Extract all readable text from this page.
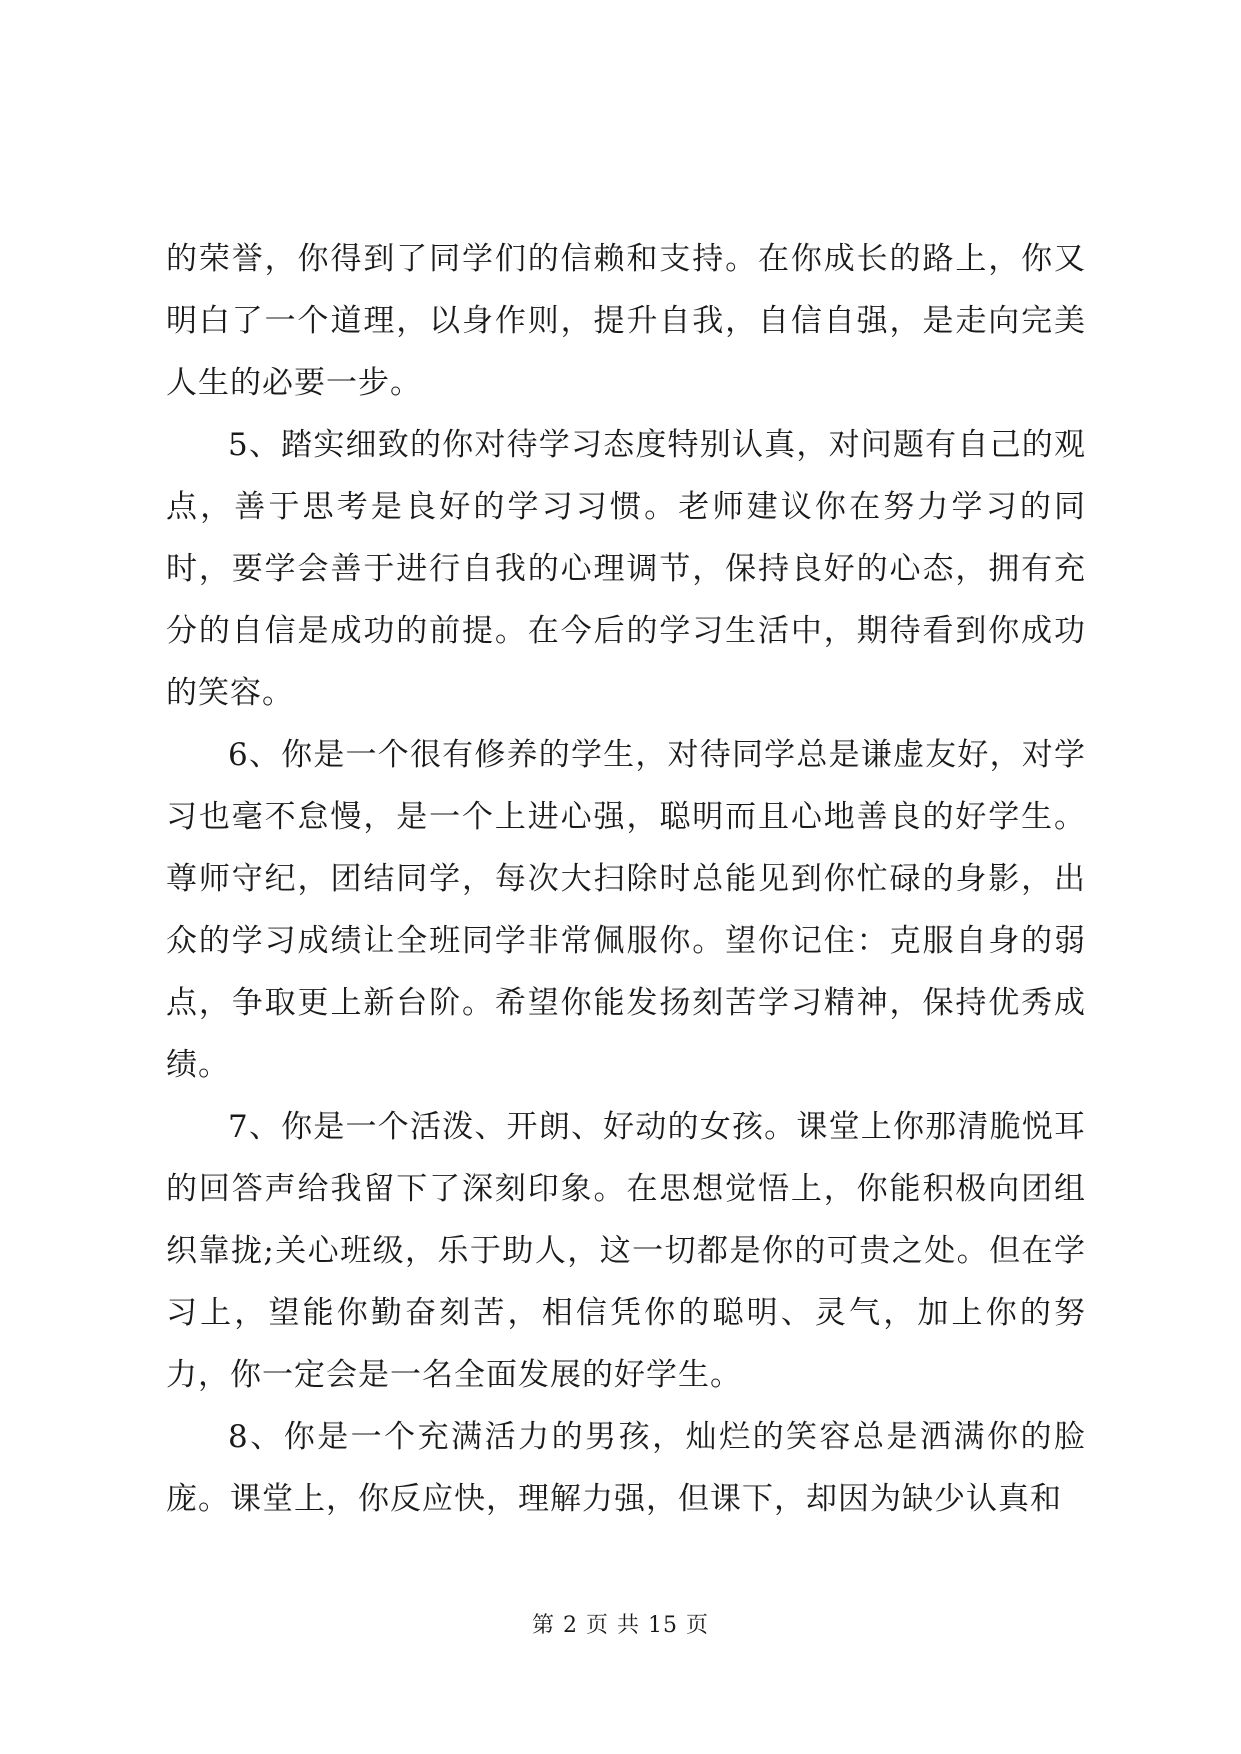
的荣誉，你得到了同学们的信赖和支持。在你成长的路上，你又明白了一个道理，以身作则，提升自我，自信自强，是走向完美人生的必要一步。

5、踏实细致的你对待学习态度特别认真，对问题有自己的观点，善于思考是良好的学习习惯。老师建议你在努力学习的同时，要学会善于进行自我的心理调节，保持良好的心态，拥有充分的自信是成功的前提。在今后的学习生活中，期待看到你成功的笑容。

6、你是一个很有修养的学生，对待同学总是谦虚友好，对学习也毫不怠慢，是一个上进心强，聪明而且心地善良的好学生。尊师守纪，团结同学，每次大扫除时总能见到你忙碌的身影，出众的学习成绩让全班同学非常佩服你。望你记住：克服自身的弱点，争取更上新台阶。希望你能发扬刻苦学习精神，保持优秀成绩。

7、你是一个活泼、开朗、好动的女孩。课堂上你那清脆悦耳的回答声给我留下了深刻印象。在思想觉悟上，你能积极向团组织靠拢;关心班级，乐于助人，这一切都是你的可贵之处。但在学习上，望能你勤奋刻苦，相信凭你的聪明、灵气，加上你的努力，你一定会是一名全面发展的好学生。

8、你是一个充满活力的男孩，灿烂的笑容总是洒满你的脸庞。课堂上，你反应快，理解力强，但课下，却因为缺少认真和

第 2 页 共 15 页
